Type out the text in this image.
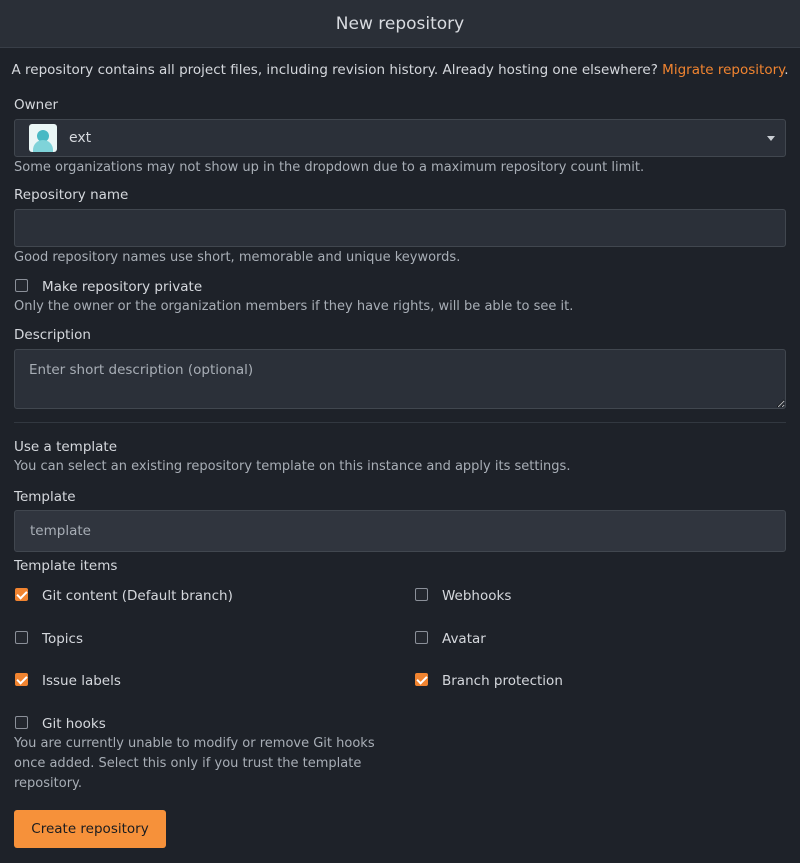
New repository
A repository contains all project files, including revision history. Already hosting one elsewhere? Migrate repository.
Owner
ext
Some organizations may not show up in the dropdown due to a maximum repository count limit.
Repository name
Good repository names use short, memorable and unique keywords.
Make repository private
Only the owner or the organization members if they have rights, will be able to see it.
Description
Enter short description (optional)
Use a template
You can select an existing repository template on this instance and apply its settings.
Template
template
Template items
Git content (Default branch)	Webhooks
Topics	Avatar
Issue labels	Branch protection
Git hooks
You are currently unable to modify or remove Git hooks
once added. Select this only if you trust the template
repository.
Create repository
